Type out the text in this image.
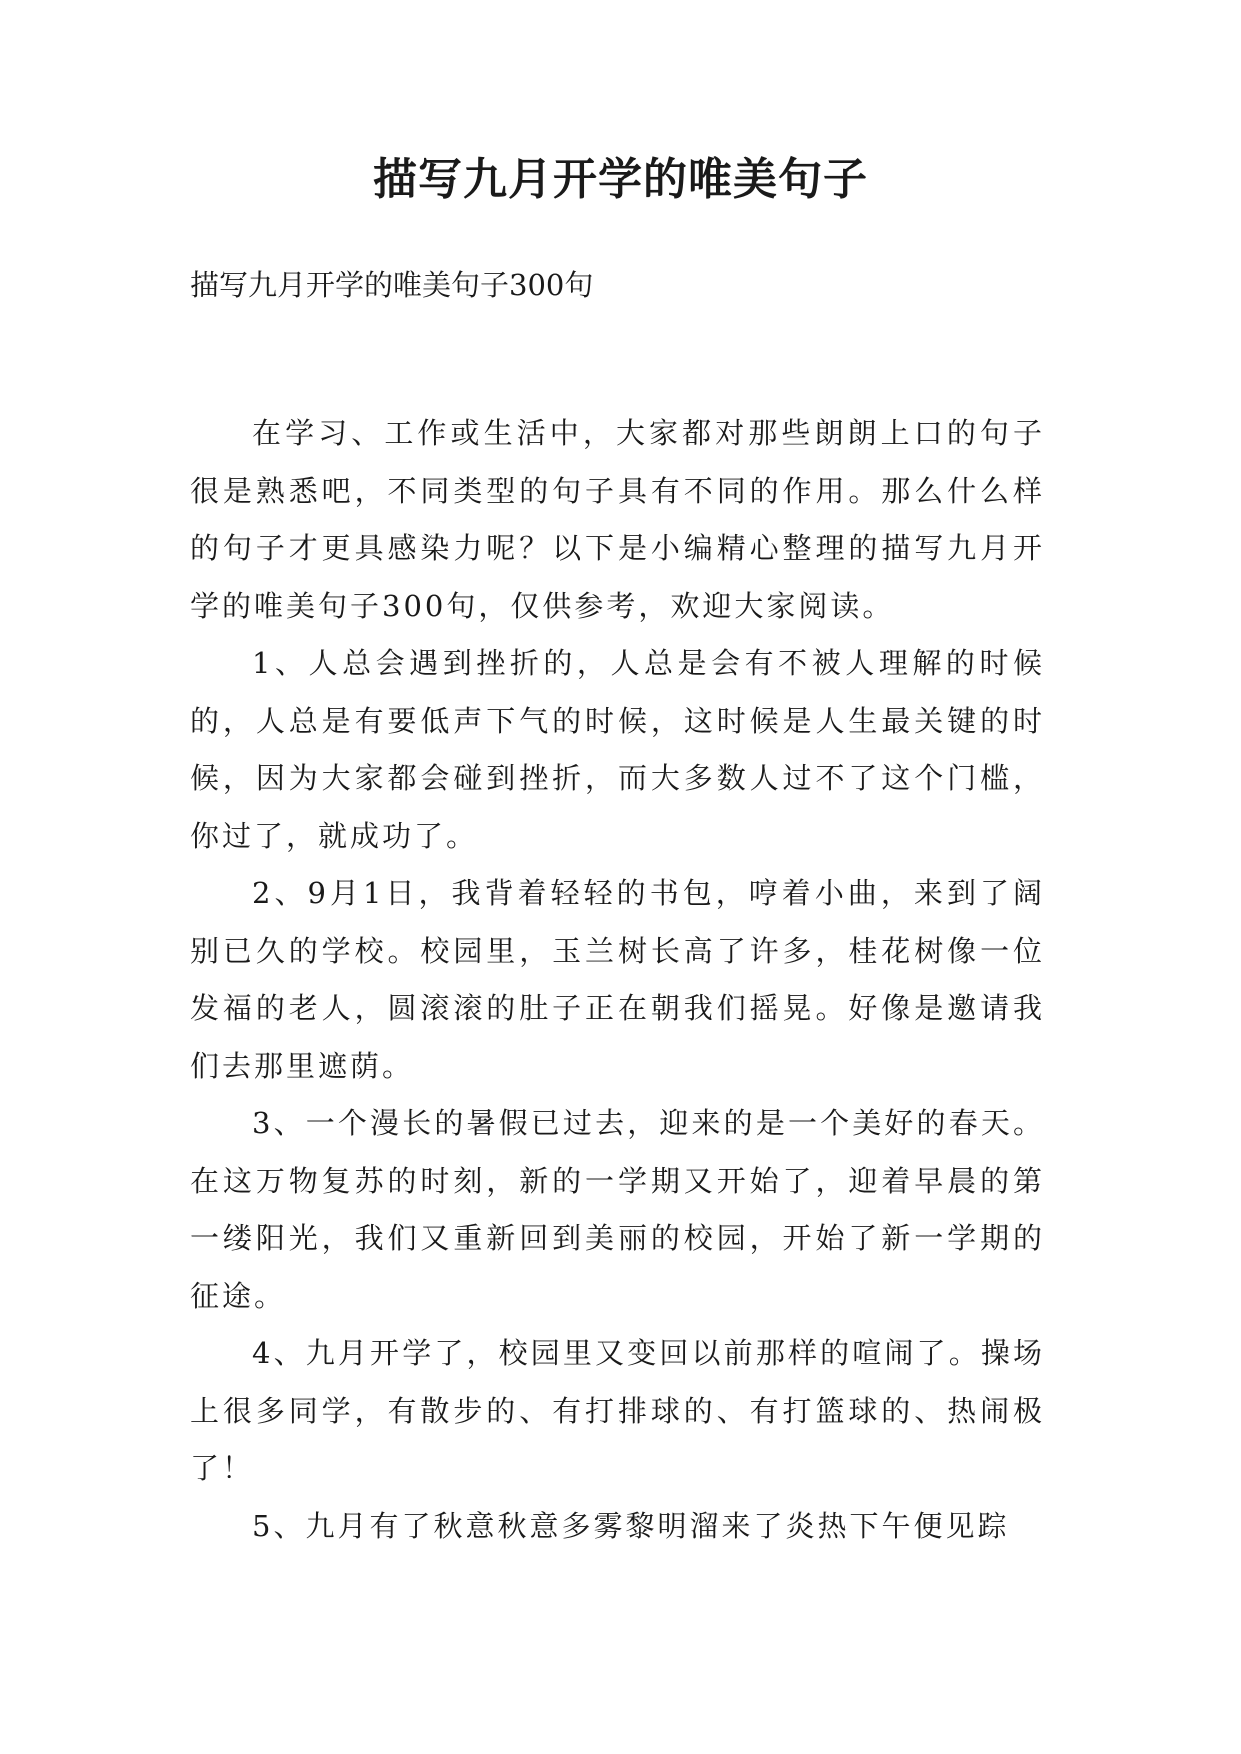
描写九月开学的唯美句子

描写九月开学的唯美句子300句

在学习、工作或生活中，大家都对那些朗朗上口的句子很是熟悉吧，不同类型的句子具有不同的作用。那么什么样的句子才更具感染力呢？以下是小编精心整理的描写九月开学的唯美句子300句，仅供参考，欢迎大家阅读。

1、人总会遇到挫折的，人总是会有不被人理解的时候的，人总是有要低声下气的时候，这时候是人生最关键的时候，因为大家都会碰到挫折，而大多数人过不了这个门槛，你过了，就成功了。

2、9月1日，我背着轻轻的书包，哼着小曲，来到了阔别已久的学校。校园里，玉兰树长高了许多，桂花树像一位发福的老人，圆滚滚的肚子正在朝我们摇晃。好像是邀请我们去那里遮荫。

3、一个漫长的暑假已过去，迎来的是一个美好的春天。在这万物复苏的时刻，新的一学期又开始了，迎着早晨的第一缕阳光，我们又重新回到美丽的校园，开始了新一学期的征途。

4、九月开学了，校园里又变回以前那样的喧闹了。操场上很多同学，有散步的、有打排球的、有打篮球的、热闹极了！

5、九月有了秋意秋意多雾黎明溜来了炎热下午便见踪
